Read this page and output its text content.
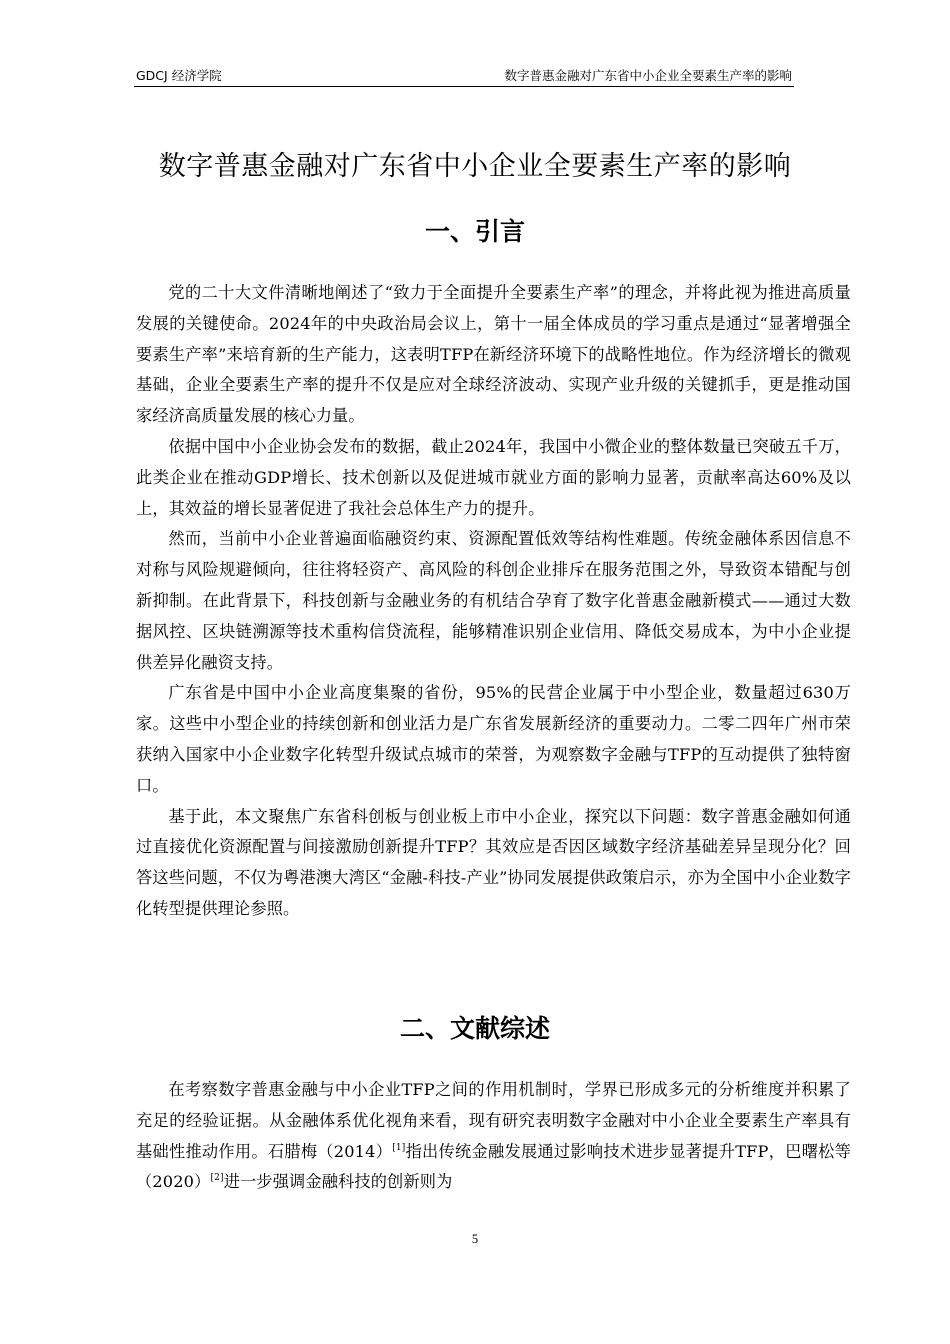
GDCJ 经济学院	数字普惠金融对广东省中小企业全要素生产率的影响
数字普惠金融对广东省中小企业全要素生产率的影响
一、引言

党的二十大文件清晰地阐述了“致力于全面提升全要素生产率”的理念，并将此视为推进高质量发展的关键使命。2024年的中央政治局会议上，第十一届全体成员的学习重点是通过“显著增强全要素生产率”来培育新的生产能力，这表明TFP在新经济环境下的战略性地位。作为经济增长的微观基础，企业全要素生产率的提升不仅是应对全球经济波动、实现产业升级的关键抓手，更是推动国家经济高质量发展的核心力量。

依据中国中小企业协会发布的数据，截止2024年，我国中小微企业的整体数量已突破五千万，此类企业在推动GDP增长、技术创新以及促进城市就业方面的影响力显著，贡献率高达60%及以上，其效益的增长显著促进了我社会总体生产力的提升。

然而，当前中小企业普遍面临融资约束、资源配置低效等结构性难题。传统金融体系因信息不对称与风险规避倾向，往往将轻资产、高风险的科创企业排斥在服务范围之外，导致资本错配与创新抑制。在此背景下，科技创新与金融业务的有机结合孕育了数字化普惠金融新模式——通过大数据风控、区块链溯源等技术重构信贷流程，能够精准识别企业信用、降低交易成本，为中小企业提供差异化融资支持。

广东省是中国中小企业高度集聚的省份，95%的民营企业属于中小型企业，数量超过630万家。这些中小型企业的持续创新和创业活力是广东省发展新经济的重要动力。二零二四年广州市荣获纳入国家中小企业数字化转型升级试点城市的荣誉，为观察数字金融与TFP的互动提供了独特窗口。

基于此，本文聚焦广东省科创板与创业板上市中小企业，探究以下问题：数字普惠金融如何通过直接优化资源配置与间接激励创新提升TFP？其效应是否因区域数字经济基础差异呈现分化？回答这些问题，不仅为粤港澳大湾区“金融-科技-产业”协同发展提供政策启示，亦为全国中小企业数字化转型提供理论参照。

二、文献综述

在考察数字普惠金融与中小企业TFP之间的作用机制时，学界已形成多元的分析维度并积累了充足的经验证据。从金融体系优化视角来看，现有研究表明数字金融对中小企业全要素生产率具有基础性推动作用。石腊梅（2014）[1]指出传统金融发展通过影响技术进步显著提升TFP，巴曙松等（2020）[2]进一步强调金融科技的创新则为

5
